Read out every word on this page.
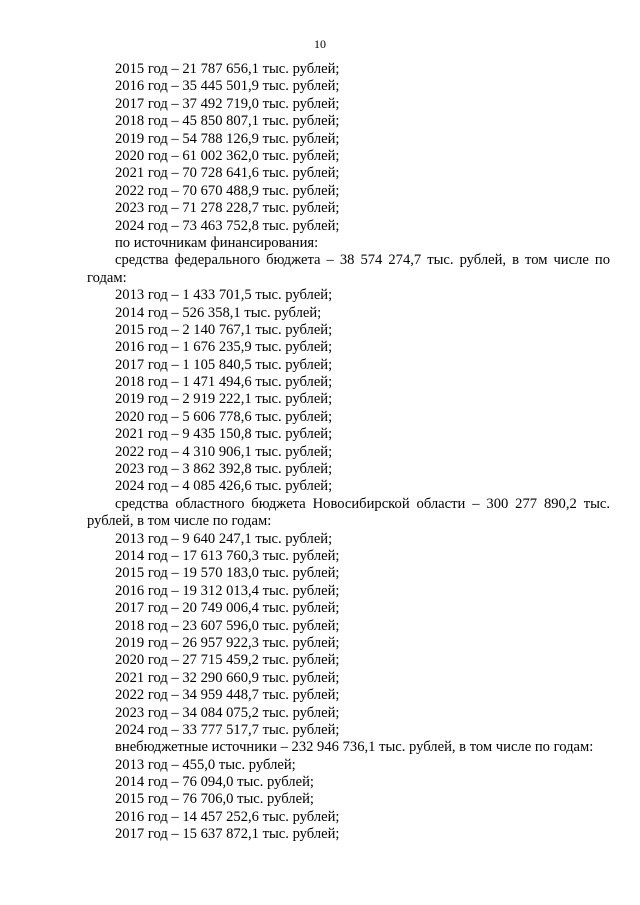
10
2015 год – 21 787 656,1 тыс. рублей;
2016 год – 35 445 501,9 тыс. рублей;
2017 год – 37 492 719,0 тыс. рублей;
2018 год – 45 850 807,1 тыс. рублей;
2019 год – 54 788 126,9 тыс. рублей;
2020 год – 61 002 362,0 тыс. рублей;
2021 год – 70 728 641,6 тыс. рублей;
2022 год – 70 670 488,9 тыс. рублей;
2023 год – 71 278 228,7 тыс. рублей;
2024 год – 73 463 752,8 тыс. рублей;
по источникам финансирования:
средства федерального бюджета – 38 574 274,7 тыс. рублей, в том числе по годам:
2013 год – 1 433 701,5 тыс. рублей;
2014 год – 526 358,1 тыс. рублей;
2015 год – 2 140 767,1 тыс. рублей;
2016 год – 1 676 235,9 тыс. рублей;
2017 год – 1 105 840,5 тыс. рублей;
2018 год – 1 471 494,6 тыс. рублей;
2019 год – 2 919 222,1 тыс. рублей;
2020 год – 5 606 778,6 тыс. рублей;
2021 год – 9 435 150,8 тыс. рублей;
2022 год – 4 310 906,1 тыс. рублей;
2023 год – 3 862 392,8 тыс. рублей;
2024 год – 4 085 426,6 тыс. рублей;
средства областного бюджета Новосибирской области – 300 277 890,2 тыс. рублей, в том числе по годам:
2013 год – 9 640 247,1 тыс. рублей;
2014 год – 17 613 760,3 тыс. рублей;
2015 год – 19 570 183,0 тыс. рублей;
2016 год – 19 312 013,4 тыс. рублей;
2017 год – 20 749 006,4 тыс. рублей;
2018 год – 23 607 596,0 тыс. рублей;
2019 год – 26 957 922,3 тыс. рублей;
2020 год – 27 715 459,2 тыс. рублей;
2021 год – 32 290 660,9 тыс. рублей;
2022 год – 34 959 448,7 тыс. рублей;
2023 год – 34 084 075,2 тыс. рублей;
2024 год – 33 777 517,7 тыс. рублей;
внебюджетные источники – 232 946 736,1 тыс. рублей, в том числе по годам:
2013 год – 455,0 тыс. рублей;
2014 год – 76 094,0 тыс. рублей;
2015 год – 76 706,0 тыс. рублей;
2016 год – 14 457 252,6 тыс. рублей;
2017 год – 15 637 872,1 тыс. рублей;
